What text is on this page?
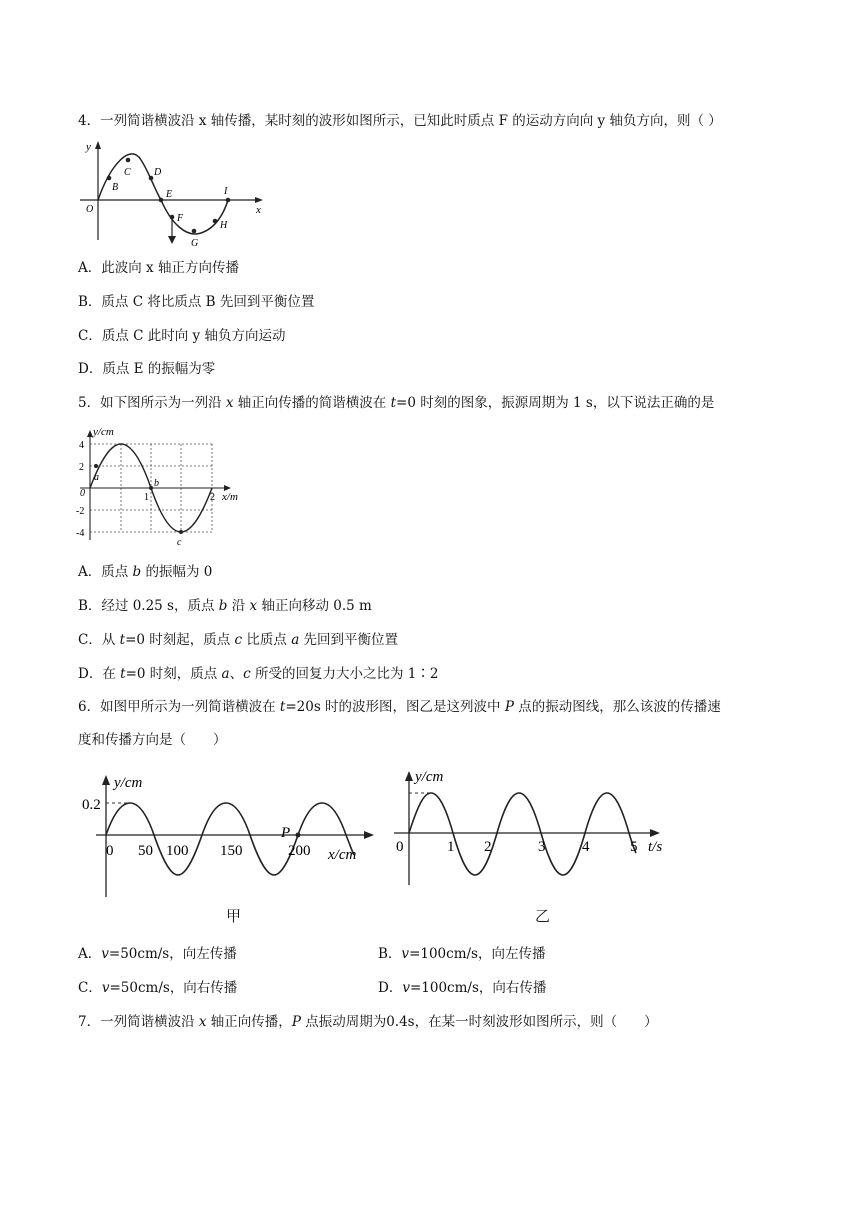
4．一列简谐横波沿 x 轴传播，某时刻的波形如图所示，已知此时质点 F 的运动方向向 y 轴负方向，则（ ）
y
x
O
B
C D
E
F
G
H
I
A．此波向 x 轴正方向传播
B．质点 C 将比质点 B 先回到平衡位置
C．质点 C 此时向 y 轴负方向运动
D．质点 E 的振幅为零
5．如下图所示为一列沿 x 轴正向传播的简谐横波在 t=0 时刻的图象，振源周期为 1 s，以下说法正确的是
y/cm
x/m
4
2
0
-2
-4
1	2
a
b
c
A．质点 b 的振幅为 0
B．经过 0.25 s，质点 b 沿 x 轴正向移动 0.5 m
C．从 t=0 时刻起，质点 c 比质点 a 先回到平衡位置
D．在 t=0 时刻，质点 a、c 所受的回复力大小之比为 1∶2
6．如图甲所示为一列简谐横波在 t=20s 时的波形图，图乙是这列波中 P 点的振动图线，那么该波的传播速
度和传播方向是（　　）
y/cm
0.2
0 50 100 150	200 x/cm
P
甲
y/cm
0	1 2	3 4	5 t/s
乙
A．v=50cm/s，向左传播	B．v=100cm/s，向左传播
C．v=50cm/s，向右传播	D．v=100cm/s，向右传播
7．一列简谐横波沿 x 轴正向传播，P 点振动周期为0.4s，在某一时刻波形如图所示，则（　　）
